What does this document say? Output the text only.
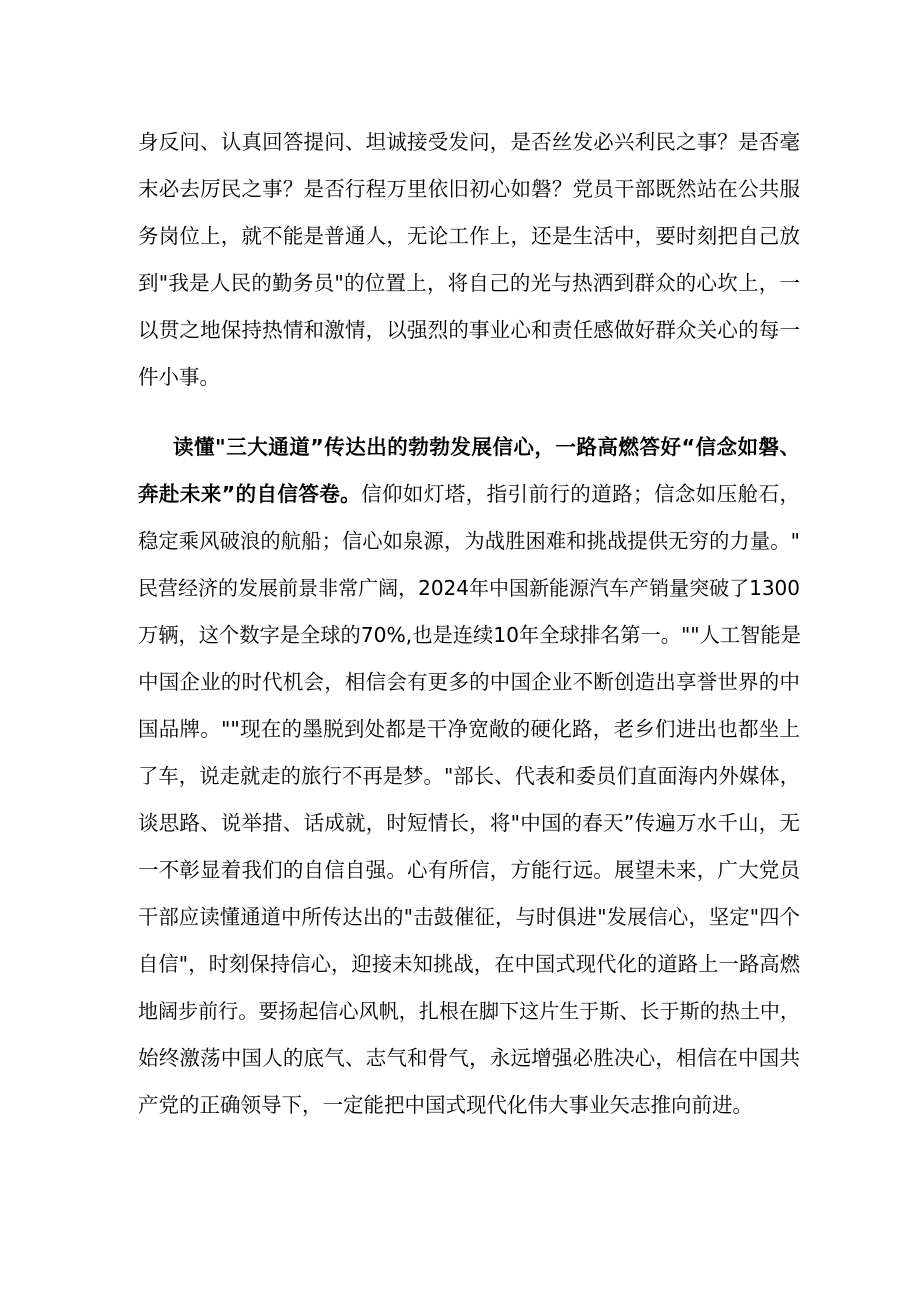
身反问、认真回答提问、坦诚接受发问，是否丝发必兴利民之事？是否毫
末必去厉民之事？是否行程万里依旧初心如磐？党员干部既然站在公共服
务岗位上，就不能是普通人，无论工作上，还是生活中，要时刻把自己放
到"我是人民的勤务员"的位置上，将自己的光与热洒到群众的心坎上，一
以贯之地保持热情和激情，以强烈的事业心和责任感做好群众关心的每一
件小事。
读懂"三大通道”传达出的勃勃发展信心，一路高燃答好“信念如磐、
奔赴未来”的自信答卷。信仰如灯塔，指引前行的道路；信念如压舱石，
稳定乘风破浪的航船；信心如泉源，为战胜困难和挑战提供无穷的力量。"
民营经济的发展前景非常广阔，2024年中国新能源汽车产销量突破了1300
万辆，这个数字是全球的70%,也是连续10年全球排名第一。""人工智能是
中国企业的时代机会，相信会有更多的中国企业不断创造出享誉世界的中
国品牌。""现在的墨脱到处都是干净宽敞的硬化路，老乡们进出也都坐上
了车，说走就走的旅行不再是梦。"部长、代表和委员们直面海内外媒体，
谈思路、说举措、话成就，时短情长，将"中国的春天”传遍万水千山，无
一不彰显着我们的自信自强。心有所信，方能行远。展望未来，广大党员
干部应读懂通道中所传达出的"击鼓催征，与时俱进"发展信心，坚定"四个
自信"，时刻保持信心，迎接未知挑战，在中国式现代化的道路上一路高燃
地阔步前行。要扬起信心风帆，扎根在脚下这片生于斯、长于斯的热土中，
始终激荡中国人的底气、志气和骨气，永远增强必胜决心，相信在中国共
产党的正确领导下，一定能把中国式现代化伟大事业矢志推向前进。
